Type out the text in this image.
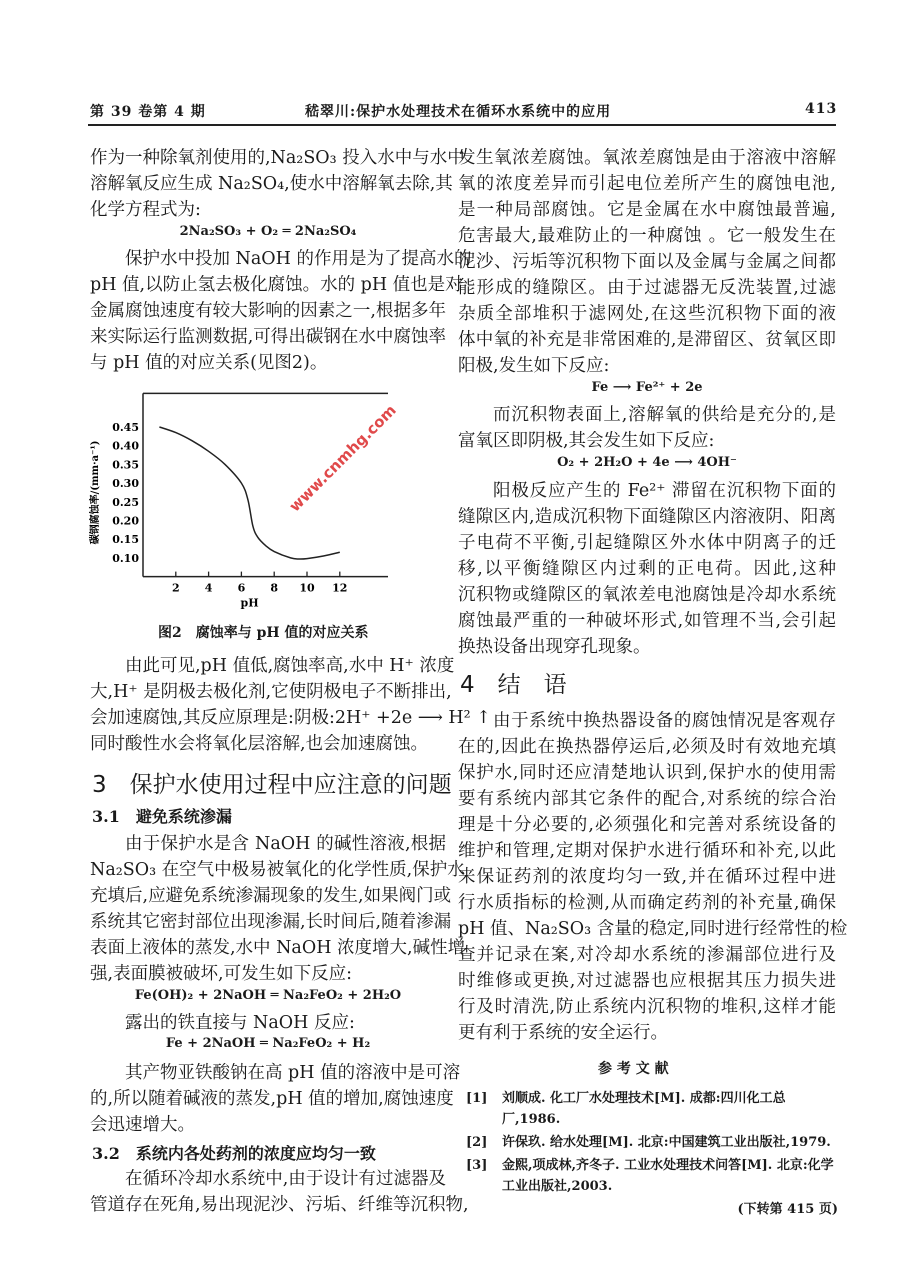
第 39 卷第 4 期	嵇翠川:保护水处理技术在循环水系统中的应用	413
作为一种除氧剂使用的,Na₂SO₃ 投入水中与水中
溶解氧反应生成 Na₂SO₄,使水中溶解氧去除,其
化学方程式为:
2Na₂SO₃ + O₂ ═ 2Na₂SO₄
保护水中投加 NaOH 的作用是为了提高水的
pH 值,以防止氢去极化腐蚀。水的 pH 值也是对
金属腐蚀速度有较大影响的因素之一,根据多年
来实际运行监测数据,可得出碳钢在水中腐蚀率
与 pH 值的对应关系(见图2)。
图2　腐蚀率与 pH 值的对应关系
由此可见,pH 值低,腐蚀率高,水中 H⁺ 浓度
大,H⁺ 是阴极去极化剂,它使阴极电子不断排出,
会加速腐蚀,其反应原理是:阴极:2H⁺ +2e ⟶ H² ↑
同时酸性水会将氧化层溶解,也会加速腐蚀。
3　保护水使用过程中应注意的问题
3.1　避免系统渗漏
由于保护水是含 NaOH 的碱性溶液,根据
Na₂SO₃ 在空气中极易被氧化的化学性质,保护水
充填后,应避免系统渗漏现象的发生,如果阀门或
系统其它密封部位出现渗漏,长时间后,随着渗漏
表面上液体的蒸发,水中 NaOH 浓度增大,碱性增
强,表面膜被破坏,可发生如下反应:
Fe(OH)₂ + 2NaOH ═ Na₂FeO₂ + 2H₂O
露出的铁直接与 NaOH 反应:
Fe + 2NaOH ═ Na₂FeO₂ + H₂
其产物亚铁酸钠在高 pH 值的溶液中是可溶
的,所以随着碱液的蒸发,pH 值的增加,腐蚀速度
会迅速增大。
3.2　系统内各处药剂的浓度应均匀一致
在循环冷却水系统中,由于设计有过滤器及
管道存在死角,易出现泥沙、污垢、纤维等沉积物,
发生氧浓差腐蚀。氧浓差腐蚀是由于溶液中溶解
氧的浓度差异而引起电位差所产生的腐蚀电池,
是一种局部腐蚀。它是金属在水中腐蚀最普遍,
危害最大,最难防止的一种腐蚀 。它一般发生在
泥沙、污垢等沉积物下面以及金属与金属之间都
能形成的缝隙区。由于过滤器无反洗装置,过滤
杂质全部堆积于滤网处,在这些沉积物下面的液
体中氧的补充是非常困难的,是滞留区、贫氧区即
阳极,发生如下反应:
Fe ⟶ Fe²⁺ + 2e
而沉积物表面上,溶解氧的供给是充分的,是
富氧区即阴极,其会发生如下反应:
O₂ + 2H₂O + 4e ⟶ 4OH⁻
阳极反应产生的 Fe²⁺ 滞留在沉积物下面的
缝隙区内,造成沉积物下面缝隙区内溶液阴、阳离
子电荷不平衡,引起缝隙区外水体中阴离子的迁
移,以平衡缝隙区内过剩的正电荷。因此,这种
沉积物或缝隙区的氧浓差电池腐蚀是冷却水系统
腐蚀最严重的一种破坏形式,如管理不当,会引起
换热设备出现穿孔现象。
4　结　语
由于系统中换热器设备的腐蚀情况是客观存
在的,因此在换热器停运后,必须及时有效地充填
保护水,同时还应清楚地认识到,保护水的使用需
要有系统内部其它条件的配合,对系统的综合治
理是十分必要的,必须强化和完善对系统设备的
维护和管理,定期对保护水进行循环和补充,以此
来保证药剂的浓度均匀一致,并在循环过程中进
行水质指标的检测,从而确定药剂的补充量,确保
pH 值、Na₂SO₃ 含量的稳定,同时进行经常性的检
查并记录在案,对冷却水系统的渗漏部位进行及
时维修或更换,对过滤器也应根据其压力损失进
行及时清洗,防止系统内沉积物的堆积,这样才能
更有利于系统的安全运行。
2 4 6 8 10 12
0.10
0.15
0.20
0.25
0.30
0.35
0.40
0.45
pH
碳钢腐蚀率/(mm·a⁻¹)
参 考 文 献
[1]	刘顺成. 化工厂水处理技术[M]. 成都:四川化工总厂,1986.
[2]	许保玖. 给水处理[M]. 北京:中国建筑工业出版社,1979.
[3]	金熙,项成林,齐冬子. 工业水处理技术问答[M]. 北京:化学工业出版社,2003.
(下转第 415 页)
www.cnmhg.com
